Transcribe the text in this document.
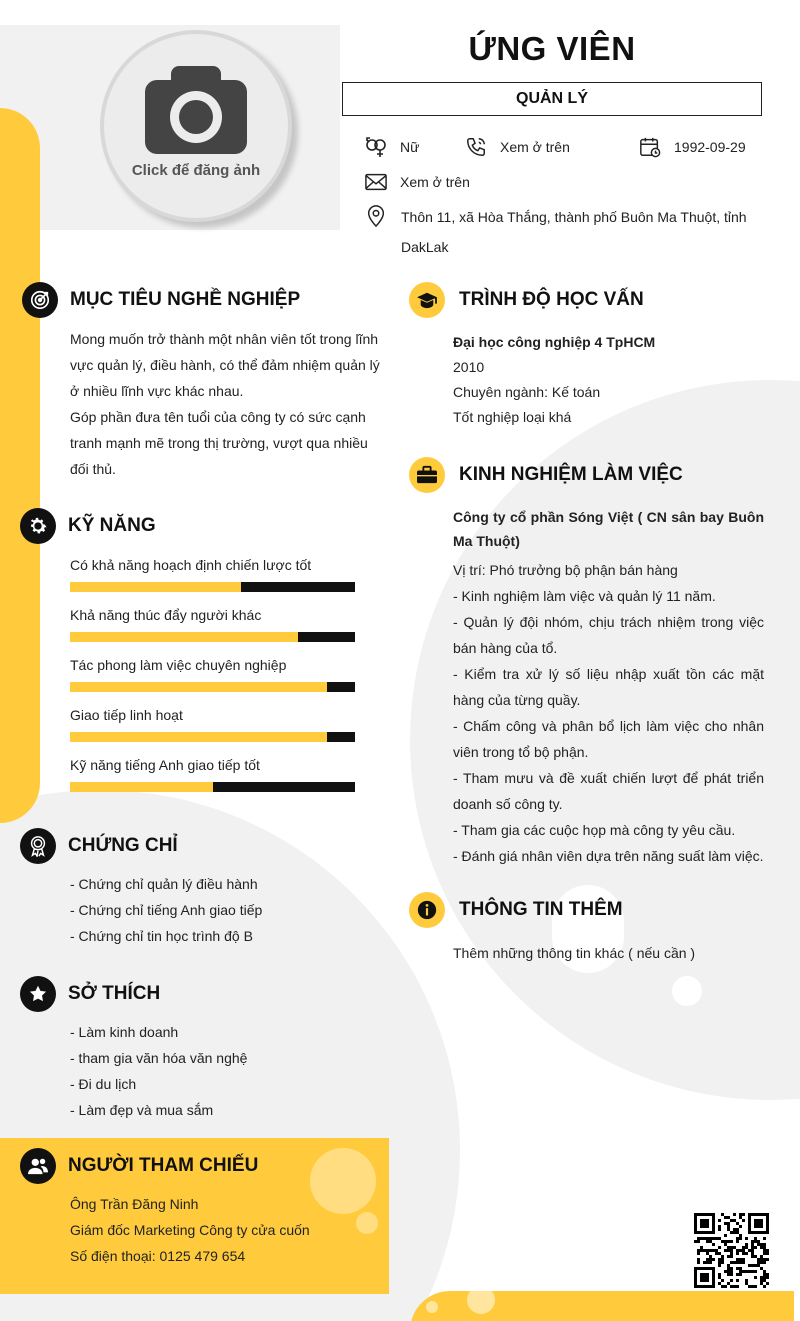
Click để đăng ảnh
ỨNG VIÊN
QUẢN LÝ
Nữ	Xem ở trên	1992-09-29
Xem ở trên
Thôn 11, xã Hòa Thắng, thành phố Buôn Ma Thuột, tỉnh DakLak
MỤC TIÊU NGHỀ NGHIỆP

Mong muốn trở thành một nhân viên tốt trong lĩnh vực quản lý, điều hành, có thể đảm nhiệm quản lý ở nhiều lĩnh vực khác nhau.

Góp phần đưa tên tuổi của công ty có sức cạnh tranh mạnh mẽ trong thị trường, vượt qua nhiều đối thủ.

KỸ NĂNG
Có khả năng hoạch định chiến lược tốt
Khả năng thúc đẩy người khác
Tác phong làm việc chuyên nghiệp
Giao tiếp linh hoạt
Kỹ năng tiếng Anh giao tiếp tốt
CHỨNG CHỈ

- Chứng chỉ quản lý điều hành

- Chứng chỉ tiếng Anh giao tiếp

- Chứng chỉ tin học trình độ B

SỞ THÍCH

- Làm kinh doanh

- tham gia văn hóa văn nghệ

- Đi du lịch

- Làm đẹp và mua sắm

NGƯỜI THAM CHIẾU

Ông Trần Đăng Ninh

Giám đốc Marketing Công ty cửa cuốn

Số điện thoại: 0125 479 654

TRÌNH ĐỘ HỌC VẤN

Đại học công nghiệp 4 TpHCM

2010

Chuyên ngành: Kế toán

Tốt nghiệp loại khá

KINH NGHIỆM LÀM VIỆC

Công ty cổ phần Sóng Việt ( CN sân bay Buôn Ma Thuột)

Vị trí: Phó trưởng bộ phận bán hàng

- Kinh nghiệm làm việc và quản lý 11 năm.

- Quản lý đội nhóm, chịu trách nhiệm trong việc bán hàng của tổ.

- Kiểm tra xử lý số liệu nhập xuất tồn các mặt hàng của từng quầy.

- Chấm công và phân bổ lịch làm việc cho nhân viên trong tổ bộ phận.

- Tham mưu và đề xuất chiến lượt để phát triển doanh số công ty.

- Tham gia các cuộc họp mà công ty yêu cầu.

- Đánh giá nhân viên dựa trên năng suất làm việc.

THÔNG TIN THÊM
Thêm những thông tin khác ( nếu cần )
